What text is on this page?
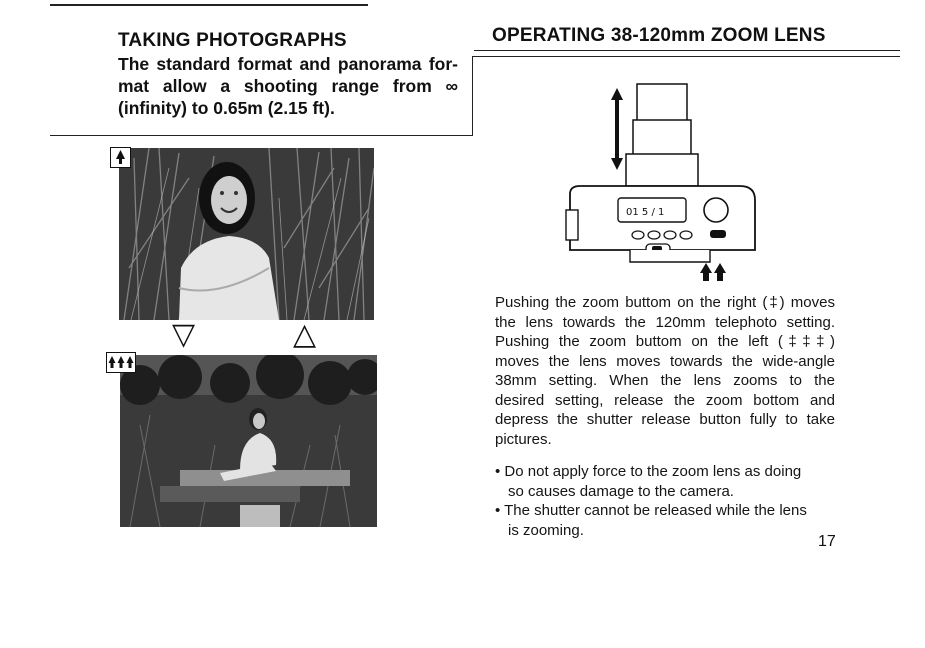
TAKING PHOTOGRAPHS
The standard format and panorama for-
mat allow a shooting range from ∞
(infinity) to 0.65m (2.15 ft).
▽	△
OPERATING 38-120mm ZOOM LENS
01 5 / 1
Pushing the zoom buttom on the right (‡) moves
the lens towards the 120mm telephoto setting.
Pushing the zoom buttom on the left (‡‡‡)
moves the lens moves towards the wide-angle
38mm setting. When the lens zooms to the
desired setting, release the zoom bottom and
depress the shutter release button fully to take
pictures.
• Do not apply force to the zoom lens as doing
so causes damage to the camera.
• The shutter cannot be released while the lens
is zooming.
17
